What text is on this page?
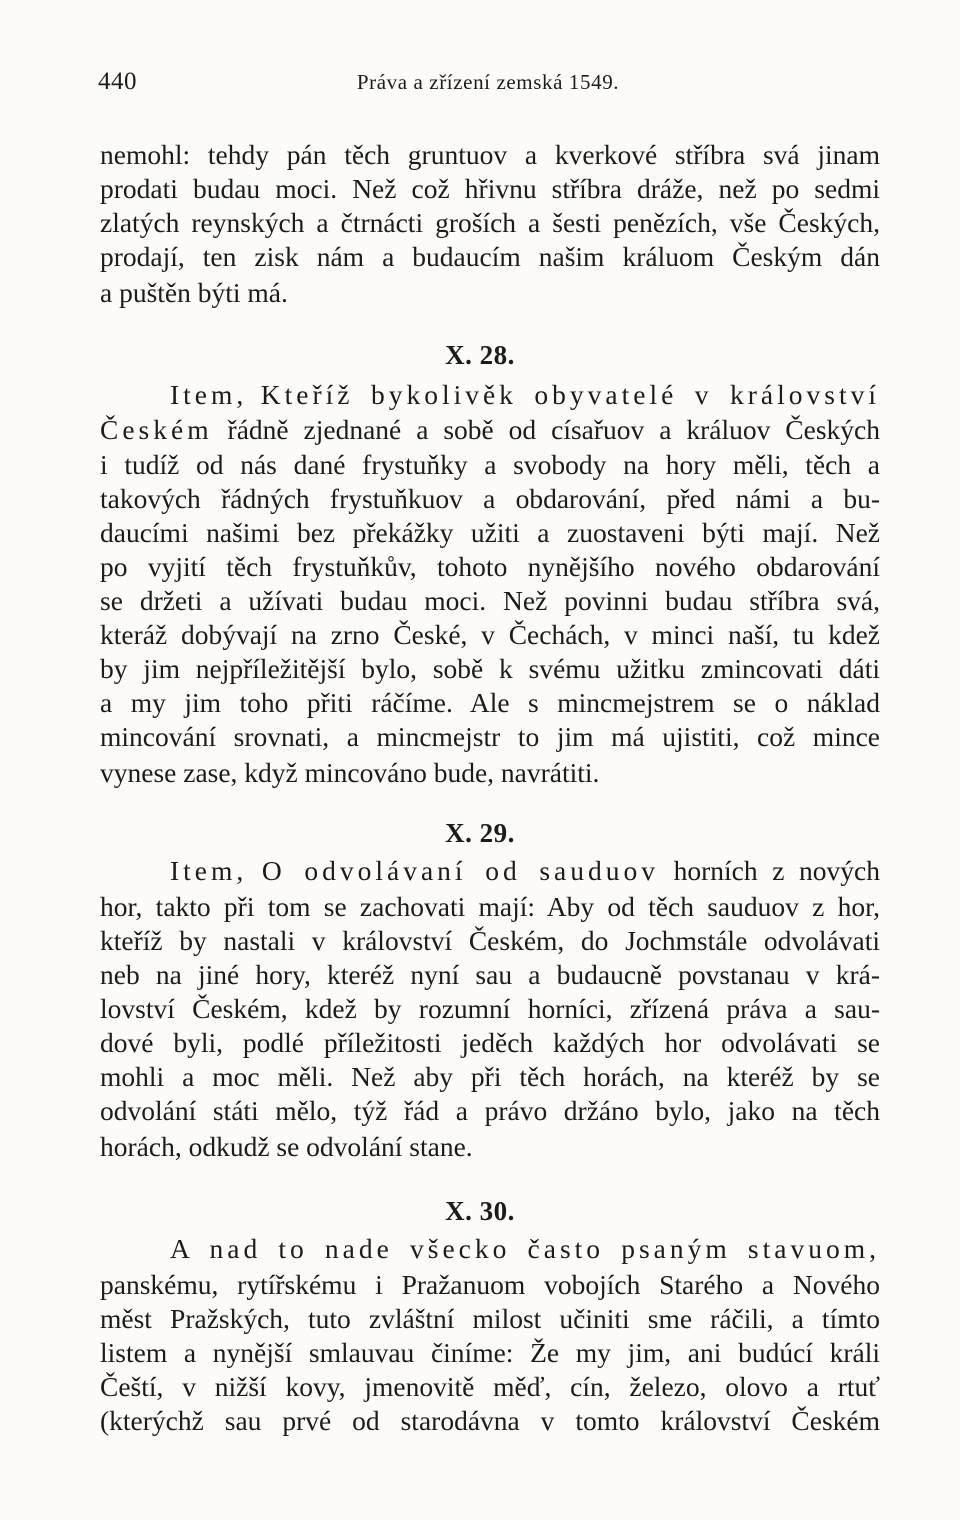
440	Práva a zřízení zemská 1549.
nemohl: tehdy pán těch gruntuov a kverkové stříbra svá jinam
prodati budau moci. Než což hřivnu stříbra dráže, než po sedmi
zlatých reynských a čtrnácti groších a šesti penězích, vše Českých,
prodají, ten zisk nám a budaucím našim králuom Českým dán
a puštěn býti má.
X. 28.
Item, Kteříž bykolivěk obyvatelé v království
Českém řádně zjednané a sobě od císařuov a králuov Českých
i tudíž od nás dané frystuňky a svobody na hory měli, těch a
takových řádných frystuňkuov a obdarování, před námi a bu-
daucími našimi bez překážky užiti a zuostaveni býti mají. Než
po vyjití těch frystuňkův, tohoto nynějšího nového obdarování
se držeti a užívati budau moci. Než povinni budau stříbra svá,
kteráž dobývají na zrno České, v Čechách, v minci naší, tu kdež
by jim nejpříležitější bylo, sobě k svému užitku zmincovati dáti
a my jim toho přiti ráčíme. Ale s mincmejstrem se o náklad
mincování srovnati, a mincmejstr to jim má ujistiti, což mince
vynese zase, když mincováno bude, navrátiti.
X. 29.
Item, O odvolávaní od sauduov horních z nových
hor, takto při tom se zachovati mají: Aby od těch sauduov z hor,
kteříž by nastali v království Českém, do Jochmstále odvolávati
neb na jiné hory, kteréž nyní sau a budaucně povstanau v krá-
lovství Českém, kdež by rozumní horníci, zřízená práva a sau-
dové byli, podlé příležitosti jeděch každých hor odvolávati se
mohli a moc měli. Než aby při těch horách, na kteréž by se
odvolání státi mělo, týž řád a právo držáno bylo, jako na těch
horách, odkudž se odvolání stane.
X. 30.
A nad to nade všecko často psaným stavuom,
panskému, rytířskému i Pražanuom vobojích Starého a Nového
měst Pražských, tuto zvláštní milost učiniti sme ráčili, a tímto
listem a nynější smlauvau činíme: Že my jim, ani budúcí králi
Čeští, v nižší kovy, jmenovitě měď, cín, železo, olovo a rtuť
(kterýchž sau prvé od starodávna v tomto království Českém
